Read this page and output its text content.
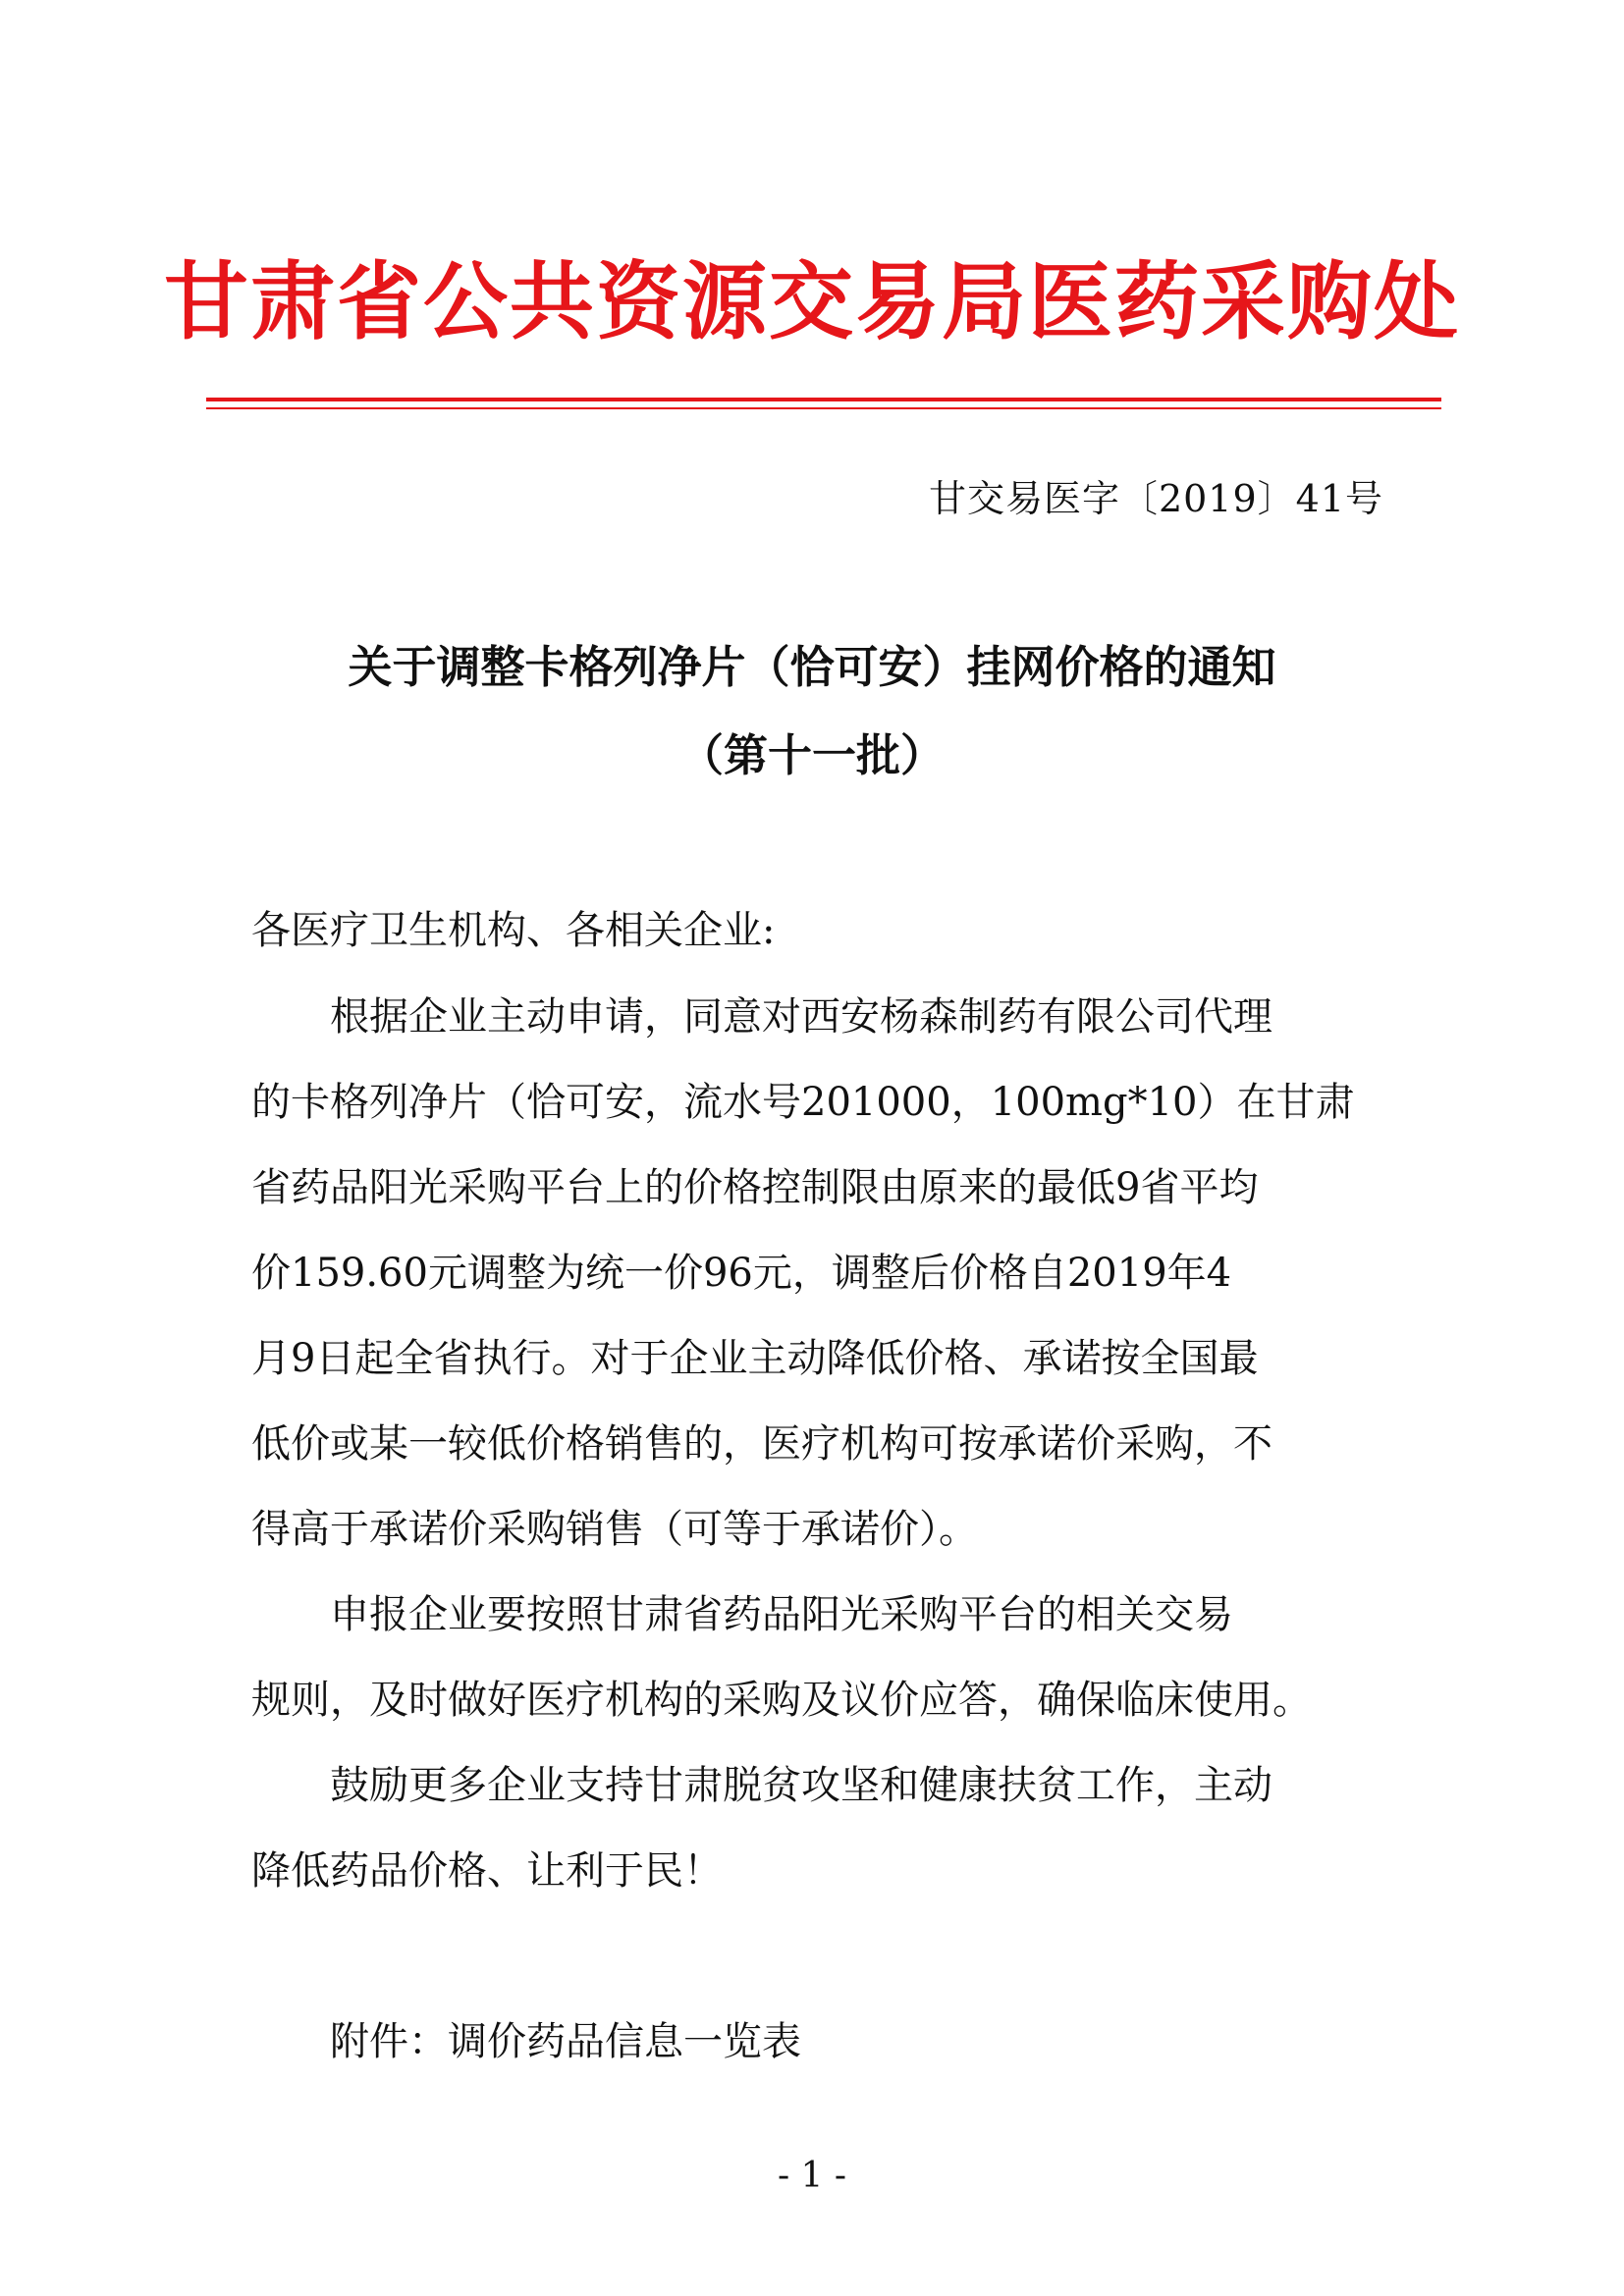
甘肃省公共资源交易局医药采购处
甘交易医字〔2019〕41号
关于调整卡格列净片（恰可安）挂网价格的通知
（第十一批）
各医疗卫生机构、各相关企业:
　　根据企业主动申请，同意对西安杨森制药有限公司代理
的卡格列净片（恰可安，流水号201000，100mg*10）在甘肃
省药品阳光采购平台上的价格控制限由原来的最低9省平均
价159.60元调整为统一价96元，调整后价格自2019年4
月9日起全省执行。对于企业主动降低价格、承诺按全国最
低价或某一较低价格销售的，医疗机构可按承诺价采购，不
得高于承诺价采购销售（可等于承诺价）。
　　申报企业要按照甘肃省药品阳光采购平台的相关交易
规则，及时做好医疗机构的采购及议价应答，确保临床使用。
　　鼓励更多企业支持甘肃脱贫攻坚和健康扶贫工作，主动
降低药品价格、让利于民！
　　附件：调价药品信息一览表
- 1 -
